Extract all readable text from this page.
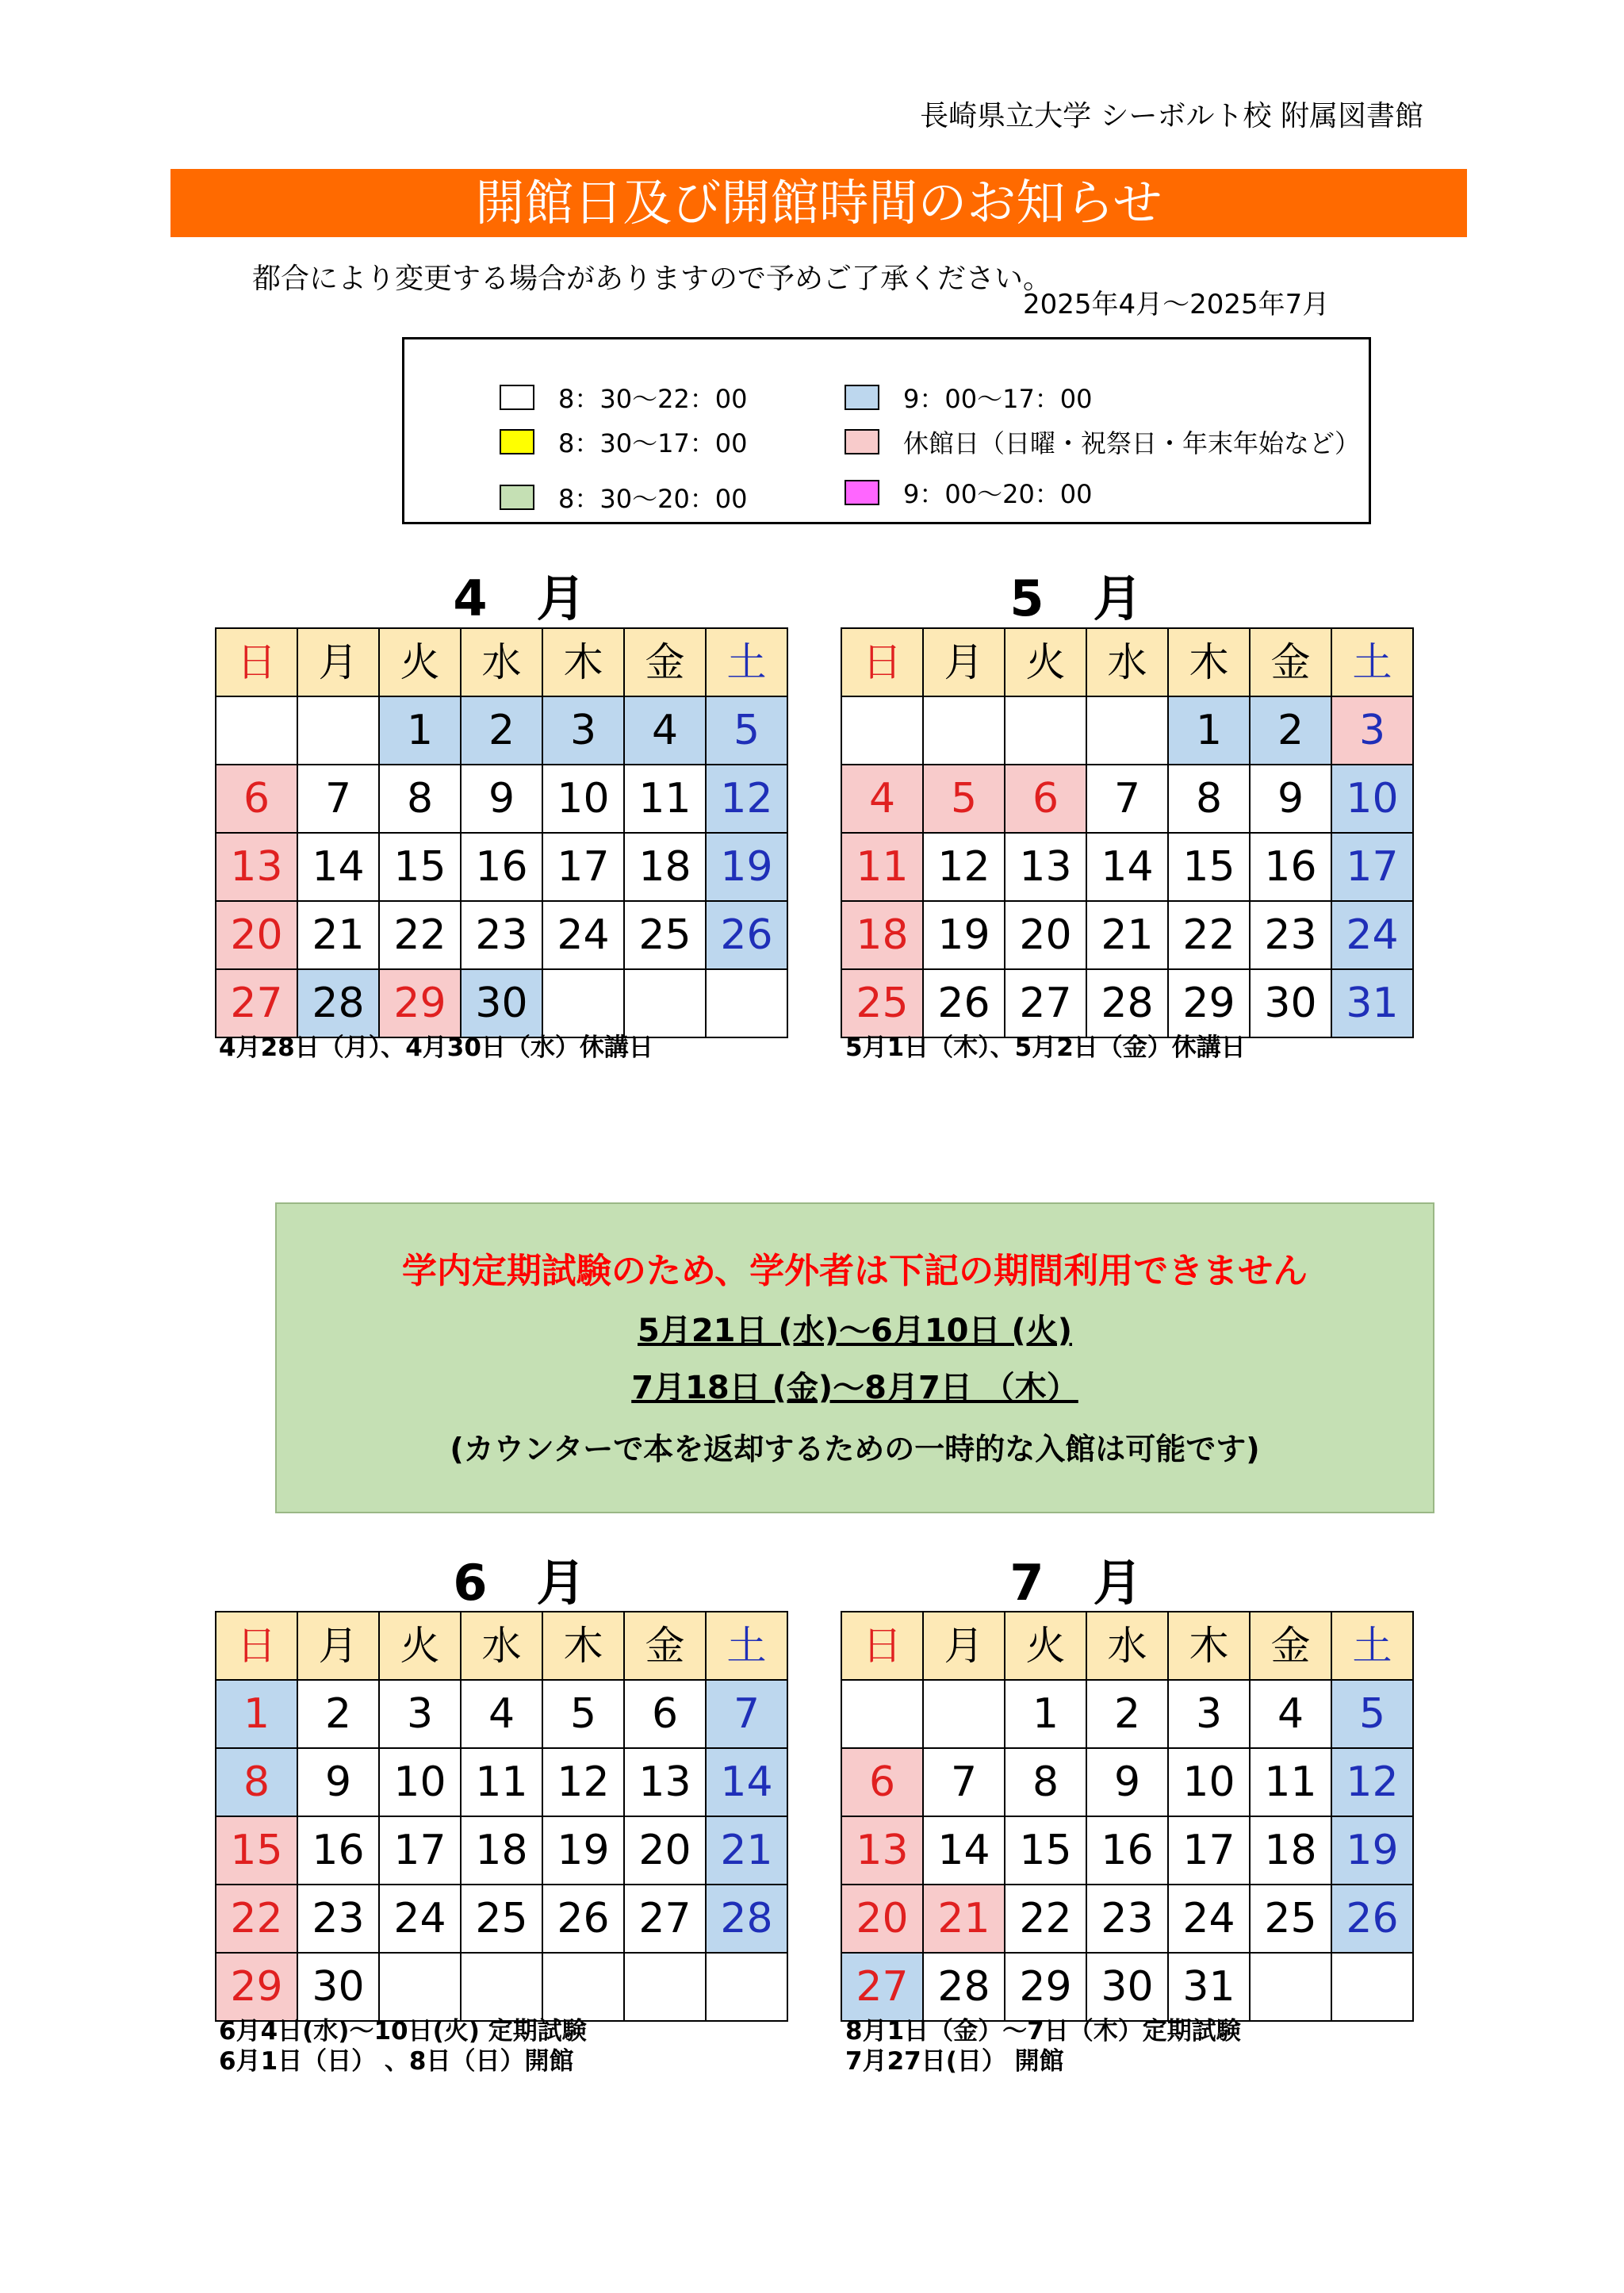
長崎県立大学 シーボルト校 附属図書館
開館日及び開館時間のお知らせ
都合により変更する場合がありますので予めご了承ください。
2025年4月～2025年7月
8：30～22：00	9：00～17：00
8：30～17：00	休館日（日曜・祝祭日・年末年始など）
8：30～20：00	9：00～20：00
4　月
日	月	火	水	木	金	土
		1	2	3	4	5
6	7	8	9	10	11	12
13	14	15	16	17	18	19
20	21	22	23	24	25	26
27	28	29	30			
4月28日（月）、4月30日（水）休講日
5　月
日	月	火	水	木	金	土
				1	2	3
4	5	6	7	8	9	10
11	12	13	14	15	16	17
18	19	20	21	22	23	24
25	26	27	28	29	30	31
5月1日（木）、5月2日（金）休講日
学内定期試験のため、学外者は下記の期間利用できません
5月21日 (水)～6月10日 (火)
7月18日 (金)～8月7日 （木）
(カウンターで本を返却するための一時的な入館は可能です)
6　月
日	月	火	水	木	金	土
1	2	3	4	5	6	7
8	9	10	11	12	13	14
15	16	17	18	19	20	21
22	23	24	25	26	27	28
29	30					
6月4日(水)～10日(火) 定期試験
6月1日（日） 、8日（日）開館
7　月
日	月	火	水	木	金	土
		1	2	3	4	5
6	7	8	9	10	11	12
13	14	15	16	17	18	19
20	21	22	23	24	25	26
27	28	29	30	31		
8月1日（金）～7日（木）定期試験
7月27日(日） 開館
